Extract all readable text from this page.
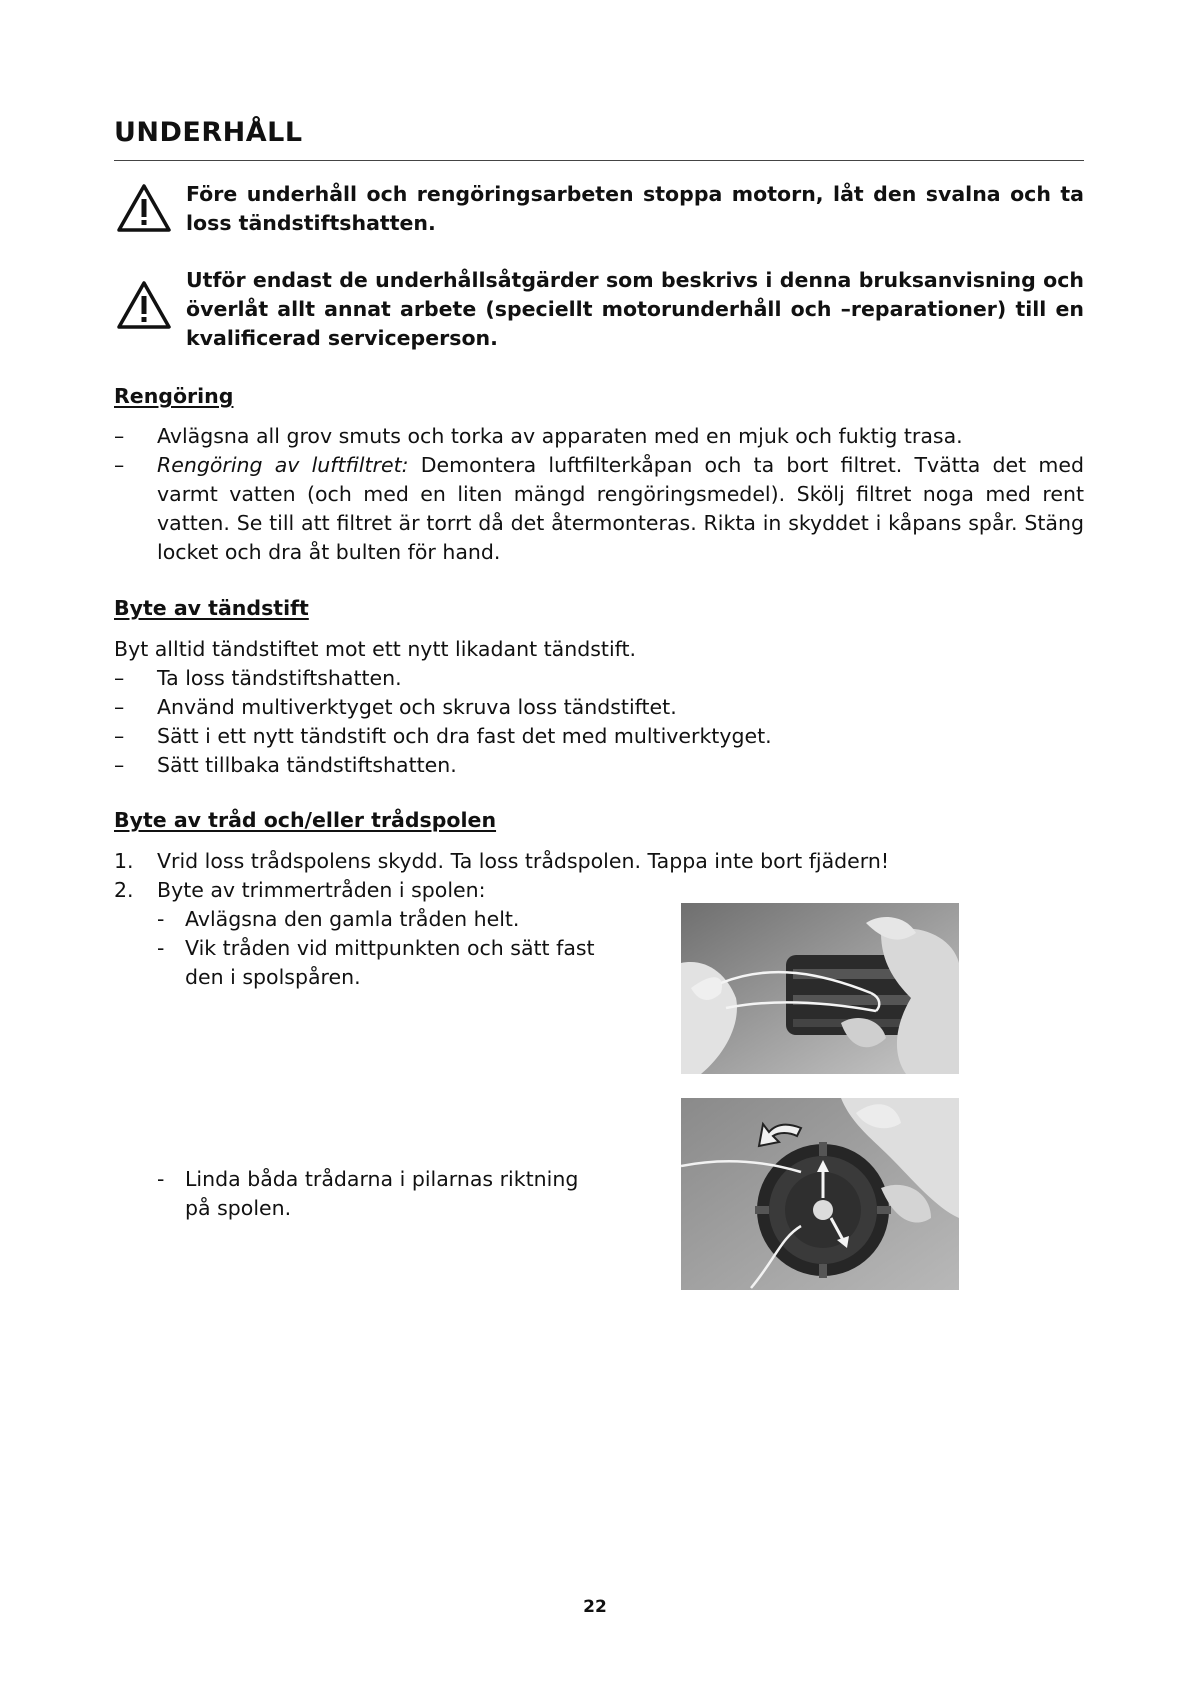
UNDERHÅLL
Före underhåll och rengöringsarbeten stoppa motorn, låt den svalna och ta loss tändstiftshatten.
Utför endast de underhållsåtgärder som beskrivs i denna bruksanvisning och överlåt allt annat arbete (speciellt motorunderhåll och –reparationer) till en kvalificerad serviceperson.
Rengöring
–	Avlägsna all grov smuts och torka av apparaten med en mjuk och fuktig trasa.
–	Rengöring av luftfiltret: Demontera luftfilterkåpan och ta bort filtret. Tvätta det med varmt vatten (och med en liten mängd rengöringsmedel). Skölj filtret noga med rent vatten. Se till att filtret är torrt då det återmonteras. Rikta in skyddet i kåpans spår. Stäng locket och dra åt bulten för hand.
Byte av tändstift

Byt alltid tändstiftet mot ett nytt likadant tändstift.

–	Ta loss tändstiftshatten.
–	Använd multiverktyget och skruva loss tändstiftet.
–	Sätt i ett nytt tändstift och dra fast det med multiverktyget.
–	Sätt tillbaka tändstiftshatten.
Byte av tråd och/eller trådspolen
1.	Vrid loss trådspolens skydd. Ta loss trådspolen. Tappa inte bort fjädern!
2.	Byte av trimmertråden i spolen:
- Avlägsna den gamla tråden helt.
- Vik tråden vid mittpunkten och sätt fast den i spolspåren.
- Linda båda trådarna i pilarnas riktning på spolen.
22
